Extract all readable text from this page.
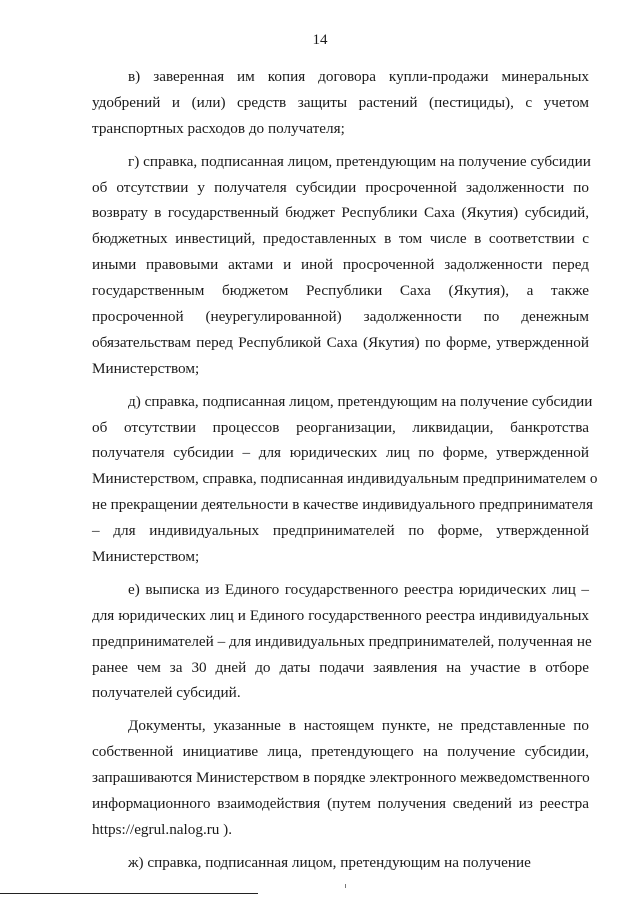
14
в) заверенная им копия договора купли-продажи минеральных
удобрений и (или) средств защиты растений (пестициды), с учетом
транспортных расходов до получателя;
г) справка, подписанная лицом, претендующим на получение субсидии
об отсутствии у получателя субсидии просроченной задолженности по
возврату в государственный бюджет Республики Саха (Якутия) субсидий,
бюджетных инвестиций, предоставленных в том числе в соответствии с
иными правовыми актами и иной просроченной задолженности перед
государственным бюджетом Республики Саха (Якутия), а также
просроченной (неурегулированной) задолженности по денежным
обязательствам перед Республикой Саха (Якутия) по форме, утвержденной
Министерством;
д) справка, подписанная лицом, претендующим на получение субсидии
об отсутствии процессов реорганизации, ликвидации, банкротства
получателя субсидии – для юридических лиц по форме, утвержденной
Министерством, справка, подписанная индивидуальным предпринимателем о
не прекращении деятельности в качестве индивидуального предпринимателя
– для индивидуальных предпринимателей по форме, утвержденной
Министерством;
е) выписка из Единого государственного реестра юридических лиц –
для юридических лиц и Единого государственного реестра индивидуальных
предпринимателей – для индивидуальных предпринимателей, полученная не
ранее чем за 30 дней до даты подачи заявления на участие в отборе
получателей субсидий.
Документы, указанные в настоящем пункте, не представленные по
собственной инициативе лица, претендующего на получение субсидии,
запрашиваются Министерством в порядке электронного межведомственного
информационного взаимодействия (путем получения сведений из реестра
https://egrul.nalog.ru ).
ж) справка, подписанная лицом, претендующим на получение
